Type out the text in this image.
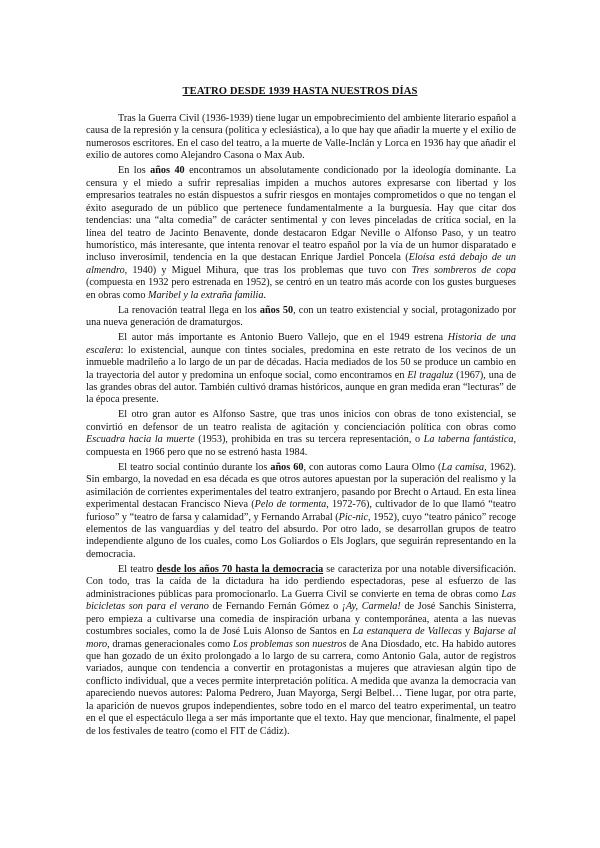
TEATRO DESDE 1939 HASTA NUESTROS DÍAS

Tras la Guerra Civil (1936-1939) tiene lugar un empobrecimiento del ambiente literario español a causa de la represión y la censura (política y eclesiástica), a lo que hay que añadir la muerte y el exilio de numerosos escritores. En el caso del teatro, a la muerte de Valle-Inclán y Lorca en 1936 hay que añadir el exilio de autores como Alejandro Casona o Max Aub.

En los años 40 encontramos un absolutamente condicionado por la ideología dominante. La censura y el miedo a sufrir represalias impiden a muchos autores expresarse con libertad y los empresarios teatrales no están dispuestos a sufrir riesgos en montajes comprometidos o que no tengan el éxito asegurado de un público que pertenece fundamentalmente a la burguesía. Hay que citar dos tendencias: una “alta comedia” de carácter sentimental y con leves pinceladas de crítica social, en la línea del teatro de Jacinto Benavente, donde destacaron Edgar Neville o Alfonso Paso, y un teatro humorístico, más interesante, que intenta renovar el teatro español por la vía de un humor disparatado e incluso inverosímil, tendencia en la que destacan Enrique Jardiel Poncela (Eloísa está debajo de un almendro, 1940) y Miguel Mihura, que tras los problemas que tuvo con Tres sombreros de copa (compuesta en 1932 pero estrenada en 1952), se centró en un teatro más acorde con los gustes burgueses en obras como Maribel y la extraña familia.

La renovación teatral llega en los años 50, con un teatro existencial y social, protagonizado por una nueva generación de dramaturgos.

El autor más importante es Antonio Buero Vallejo, que en el 1949 estrena Historia de una escalera: lo existencial, aunque con tintes sociales, predomina en este retrato de los vecinos de un inmueble madrileño a lo largo de un par de décadas. Hacia mediados de los 50 se produce un cambio en la trayectoria del autor y predomina un enfoque social, como encontramos en El tragaluz (1967), una de las grandes obras del autor. También cultivó dramas históricos, aunque en gran medida eran “lecturas” de la época presente.

El otro gran autor es Alfonso Sastre, que tras unos inicios con obras de tono existencial, se convirtió en defensor de un teatro realista de agitación y concienciación política con obras como Escuadra hacia la muerte (1953), prohibida en tras su tercera representación, o La taberna fantástica, compuesta en 1966 pero que no se estrenó hasta 1984.

El teatro social continúo durante los años 60, con autoras como Laura Olmo (La camisa, 1962). Sin embargo, la novedad en esa década es que otros autores apuestan por la superación del realismo y la asimilación de corrientes experimentales del teatro extranjero, pasando por Brecht o Artaud. En esta línea experimental destacan Francisco Nieva (Pelo de tormenta, 1972-76), cultivador de lo que llamó “teatro furioso” y “teatro de farsa y calamidad”, y Fernando Arrabal (Pic-nic, 1952), cuyo “teatro pánico” recoge elementos de las vanguardias y del teatro del absurdo. Por otro lado, se desarrollan grupos de teatro independiente alguno de los cuales, como Los Goliardos o Els Joglars, que seguirán representando en la democracia.

El teatro desde los años 70 hasta la democracia se caracteriza por una notable diversificación. Con todo, tras la caída de la dictadura ha ido perdiendo espectadoras, pese al esfuerzo de las administraciones públicas para promocionarlo. La Guerra Civil se convierte en tema de obras como Las bicicletas son para el verano de Fernando Fernán Gómez o ¡Ay, Carmela! de José Sanchis Sinisterra, pero empieza a cultivarse una comedia de inspiración urbana y contemporánea, atenta a las nuevas costumbres sociales, como la de José Luis Alonso de Santos en La estanquera de Vallecas y Bajarse al moro, dramas generacionales como Los problemas son nuestros de Ana Diosdado, etc. Ha habido autores que han gozado de un éxito prolongado a lo largo de su carrera, como Antonio Gala, autor de registros variados, aunque con tendencia a convertir en protagonistas a mujeres que atraviesan algún tipo de conflicto individual, que a veces permite interpretación política. A medida que avanza la democracia van apareciendo nuevos autores: Paloma Pedrero, Juan Mayorga, Sergi Belbel… Tiene lugar, por otra parte, la aparición de nuevos grupos independientes, sobre todo en el marco del teatro experimental, un teatro en el que el espectáculo llega a ser más importante que el texto. Hay que mencionar, finalmente, el papel de los festivales de teatro (como el FIT de Cádiz).
